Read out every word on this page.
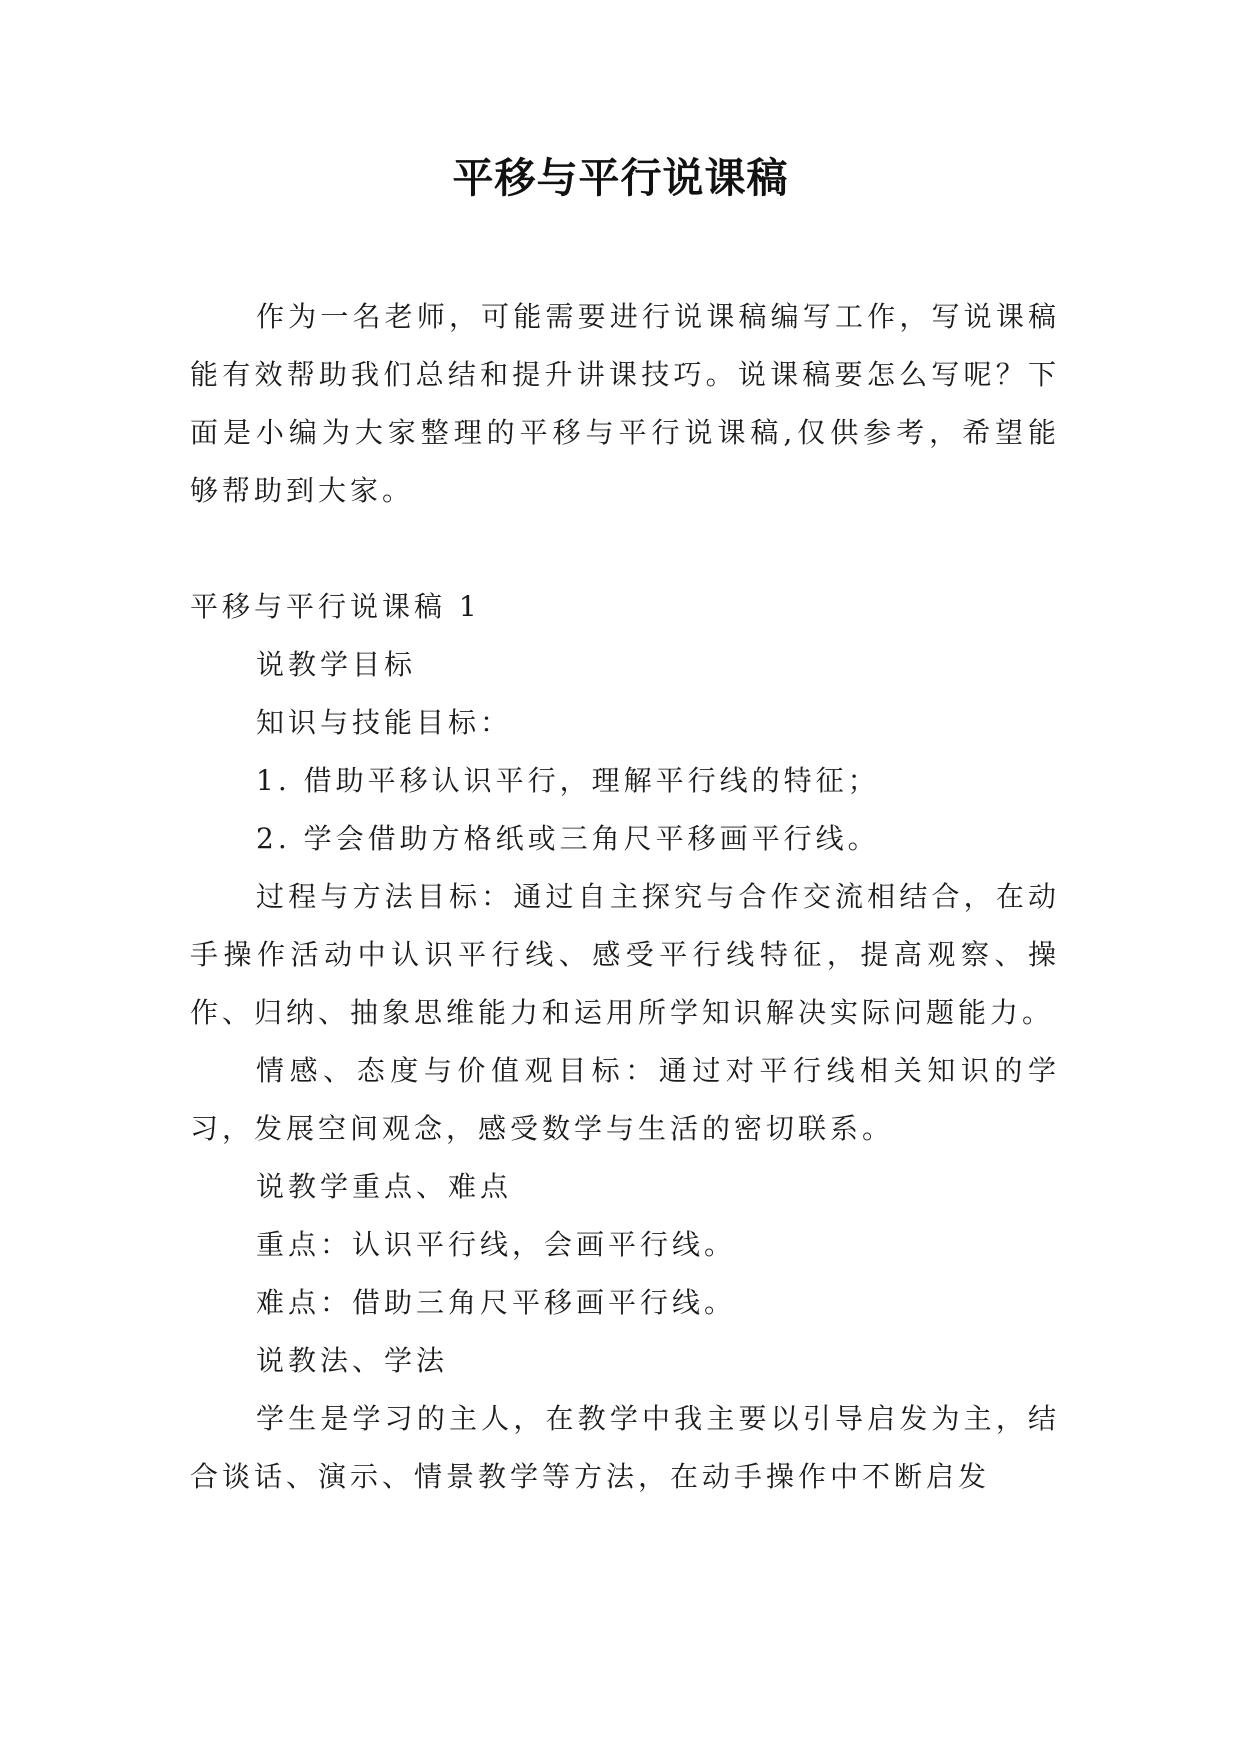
平移与平行说课稿

作为一名老师，可能需要进行说课稿编写工作，写说课稿能有效帮助我们总结和提升讲课技巧。说课稿要怎么写呢？下面是小编为大家整理的平移与平行说课稿,仅供参考，希望能够帮助到大家。

平移与平行说课稿 1

说教学目标

知识与技能目标：

1. 借助平移认识平行，理解平行线的特征；

2. 学会借助方格纸或三角尺平移画平行线。

过程与方法目标：通过自主探究与合作交流相结合，在动手操作活动中认识平行线、感受平行线特征，提高观察、操作、归纳、抽象思维能力和运用所学知识解决实际问题能力。

情感、态度与价值观目标：通过对平行线相关知识的学习，发展空间观念，感受数学与生活的密切联系。

说教学重点、难点

重点：认识平行线，会画平行线。

难点：借助三角尺平移画平行线。

说教法、学法

学生是学习的主人，在教学中我主要以引导启发为主，结合谈话、演示、情景教学等方法，在动手操作中不断启发
